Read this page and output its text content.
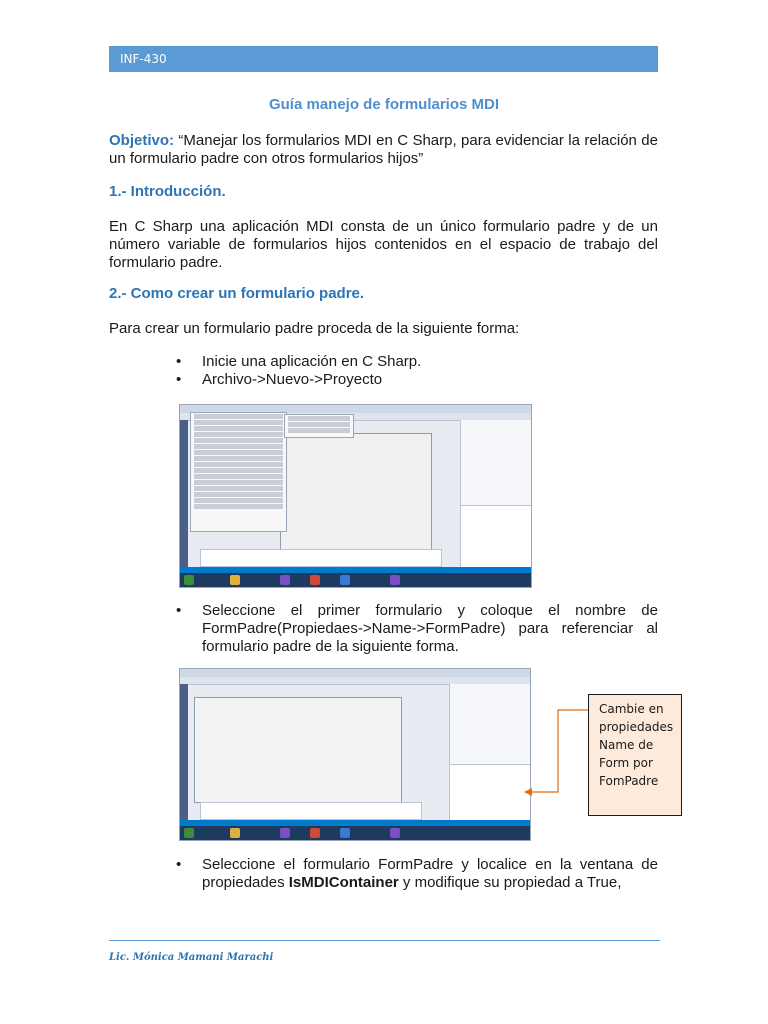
INF-430
Guía manejo de formularios MDI
Objetivo: “Manejar los formularios MDI en C Sharp, para evidenciar la relación de un formulario padre con otros formularios hijos”
1.- Introducción.
En C Sharp una aplicación MDI consta de un único formulario padre y de un número variable de formularios hijos contenidos en el espacio de trabajo del formulario padre.
2.- Como crear un formulario padre.
Para crear un formulario padre proceda de la siguiente forma:
• Inicie una aplicación en C Sharp.
• Archivo->Nuevo->Proyecto
• Seleccione el primer formulario y coloque el nombre de FormPadre(Propiedaes->Name->FormPadre) para referenciar al formulario padre de la siguiente forma.
Cambie en
propiedades
Name de
Form por
FomPadre
• Seleccione el formulario FormPadre y localice en la ventana de propiedades IsMDIContainer y modifique su propiedad a True,
Lic. Mónica Mamani Marachi
